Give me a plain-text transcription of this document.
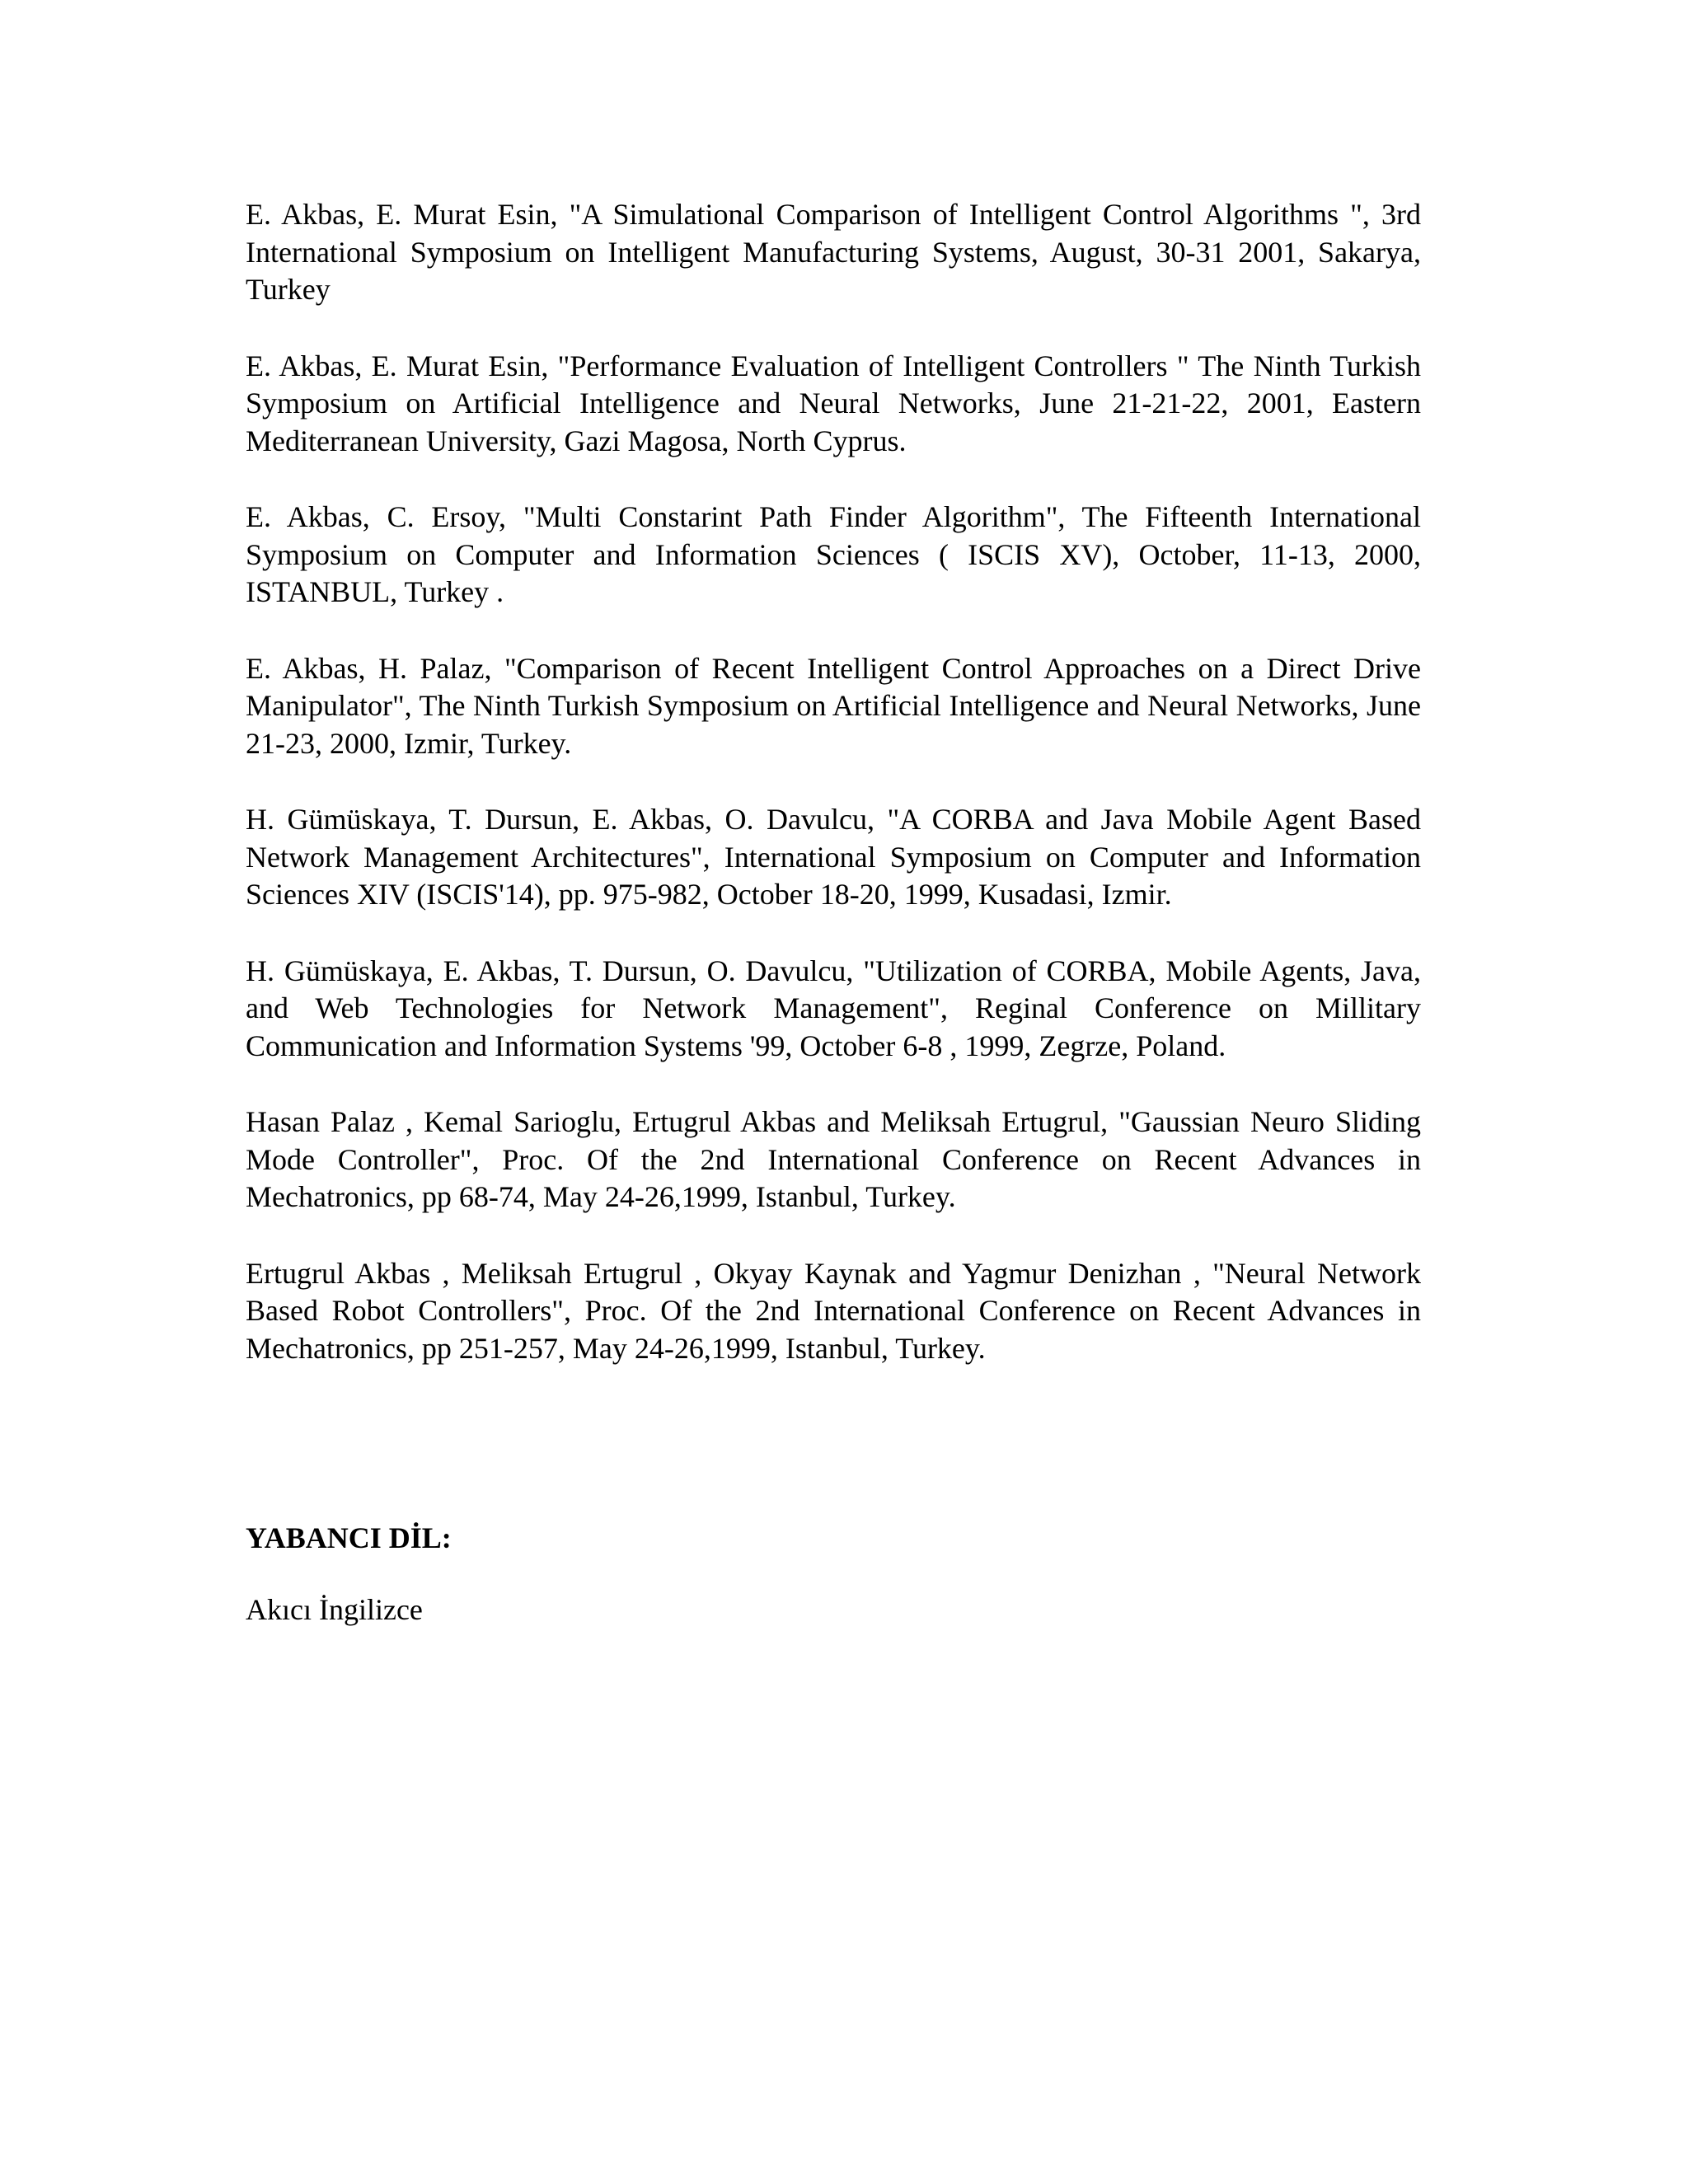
E. Akbas, E. Murat Esin, "A Simulational Comparison of Intelligent Control Algorithms ", 3rd International Symposium on Intelligent Manufacturing Systems, August, 30-31 2001, Sakarya, Turkey

E. Akbas, E. Murat Esin, "Performance Evaluation of Intelligent Controllers " The Ninth Turkish Symposium on Artificial Intelligence and Neural Networks, June 21-21-22, 2001, Eastern Mediterranean University, Gazi Magosa, North Cyprus.

E. Akbas, C. Ersoy, "Multi Constarint Path Finder Algorithm", The Fifteenth International Symposium on Computer and Information Sciences ( ISCIS XV), October, 11-13, 2000, ISTANBUL, Turkey .

E. Akbas, H. Palaz, "Comparison of Recent Intelligent Control Approaches on a Direct Drive Manipulator", The Ninth Turkish Symposium on Artificial Intelligence and Neural Networks, June 21-23, 2000, Izmir, Turkey.

H. Gümüskaya, T. Dursun, E. Akbas, O. Davulcu, "A CORBA and Java Mobile Agent Based Network Management Architectures", International Symposium on Computer and Information Sciences XIV (ISCIS'14), pp. 975-982, October 18-20, 1999, Kusadasi, Izmir.

H. Gümüskaya, E. Akbas, T. Dursun, O. Davulcu, "Utilization of CORBA, Mobile Agents, Java, and Web Technologies for Network Management", Reginal Conference on Millitary Communication and Information Systems '99, October 6-8 , 1999, Zegrze, Poland.

Hasan Palaz , Kemal Sarioglu, Ertugrul Akbas and Meliksah Ertugrul, "Gaussian Neuro Sliding Mode Controller", Proc. Of the 2nd International Conference on Recent Advances in Mechatronics, pp 68-74, May 24-26,1999, Istanbul, Turkey.

Ertugrul Akbas , Meliksah Ertugrul , Okyay Kaynak and Yagmur Denizhan , "Neural Network Based Robot Controllers", Proc. Of the 2nd International Conference on Recent Advances in Mechatronics, pp 251-257, May 24-26,1999, Istanbul, Turkey.

YABANCI DİL:

Akıcı İngilizce
